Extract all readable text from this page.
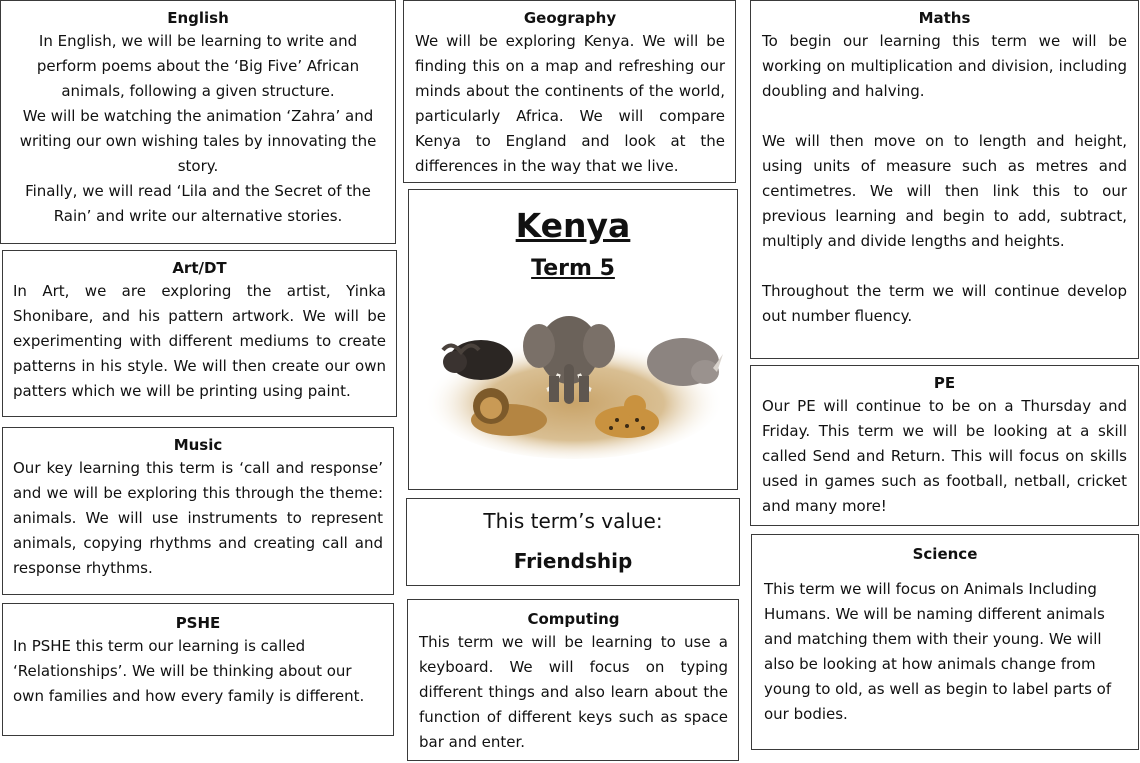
English

In English, we will be learning to write and perform poems about the ‘Big Five’ African animals, following a given structure.

We will be watching the animation ‘Zahra’ and writing our own wishing tales by innovating the story.

Finally, we will read ‘Lila and the Secret of the Rain’ and write our alternative stories.

Geography
We will be exploring Kenya. We will be finding this on a map and refreshing our minds about the continents of the world, particularly Africa. We will compare Kenya to England and look at the differences in the way that we live.
Maths

To begin our learning this term we will be working on multiplication and division, including doubling and halving.

We will then move on to length and height, using units of measure such as metres and centimetres. We will then link this to our previous learning and begin to add, subtract, multiply and divide lengths and heights.

Throughout the term we will continue develop out number fluency.

Art/DT
In Art, we are exploring the artist, Yinka Shonibare, and his pattern artwork. We will be experimenting with different mediums to create patterns in his style. We will then create our own patters which we will be printing using paint.
Kenya
Term 5
PE
Our PE will continue to be on a Thursday and Friday. This term we will be looking at a skill called Send and Return. This will focus on skills used in games such as football, netball, cricket and many more!
Music
Our key learning this term is ‘call and response’ and we will be exploring this through the theme: animals. We will use instruments to represent animals, copying rhythms and creating call and response rhythms.
This term’s value:
Friendship	Science
This term we will focus on Animals Including Humans. We will be naming different animals and matching them with their young. We will also be looking at how animals change from young to old, as well as begin to label parts of our bodies.
PSHE
In PSHE this term our learning is called ‘Relationships’. We will be thinking about our own families and how every family is different.
Computing
This term we will be learning to use a keyboard. We will focus on typing different things and also learn about the function of different keys such as space bar and enter.
